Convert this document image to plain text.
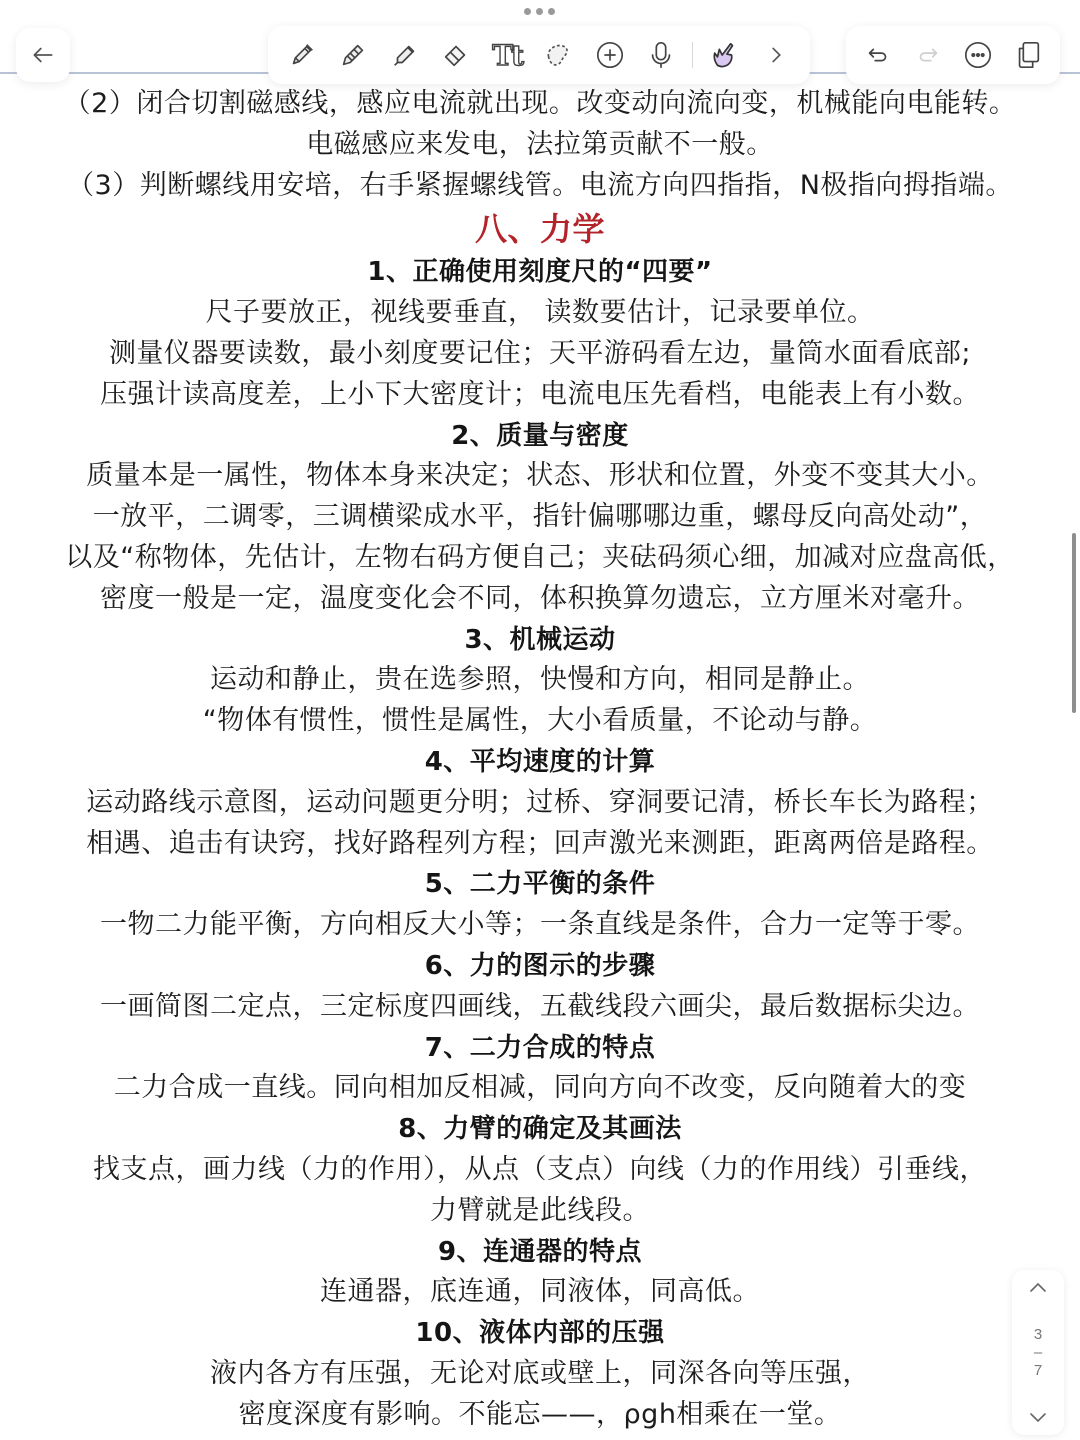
Tt
（2）闭合切割磁感线，感应电流就出现。改变动向流向变，机械能向电能转。
电磁感应来发电，法拉第贡献不一般。
（3）判断螺线用安培，右手紧握螺线管。电流方向四指指，N极指向拇指端。
八、力学
1、正确使用刻度尺的“四要”
尺子要放正，视线要垂直， 读数要估计，记录要单位。
测量仪器要读数，最小刻度要记住；天平游码看左边，量筒水面看底部;
压强计读高度差，上小下大密度计；电流电压先看档，电能表上有小数。
2、质量与密度
质量本是一属性，物体本身来决定；状态、形状和位置，外变不变其大小。
一放平，二调零，三调横梁成水平，指针偏哪哪边重，螺母反向高处动”，
以及“称物体，先估计，左物右码方便自己；夹砝码须心细，加减对应盘高低，
密度一般是一定，温度变化会不同，体积换算勿遗忘，立方厘米对毫升。
3、机械运动
运动和静止，贵在选参照，快慢和方向，相同是静止。
“物体有惯性，惯性是属性，大小看质量，不论动与静。
4、平均速度的计算
运动路线示意图，运动问题更分明；过桥、穿洞要记清，桥长车长为路程；
相遇、追击有诀窍，找好路程列方程；回声激光来测距，距离两倍是路程。
5、二力平衡的条件
一物二力能平衡，方向相反大小等；一条直线是条件，合力一定等于零。
6、力的图示的步骤
一画简图二定点，三定标度四画线，五截线段六画尖，最后数据标尖边。
7、二力合成的特点
二力合成一直线。同向相加反相减，同向方向不改变，反向随着大的变
8、力臂的确定及其画法
找支点，画力线（力的作用），从点（支点）向线（力的作用线）引垂线，
力臂就是此线段。
9、连通器的特点
连通器，底连通，同液体，同高低。
10、液体内部的压强
液内各方有压强，无论对底或壁上，同深各向等压强，
密度深度有影响。不能忘——，ρgh相乘在一堂。
3
–
7
